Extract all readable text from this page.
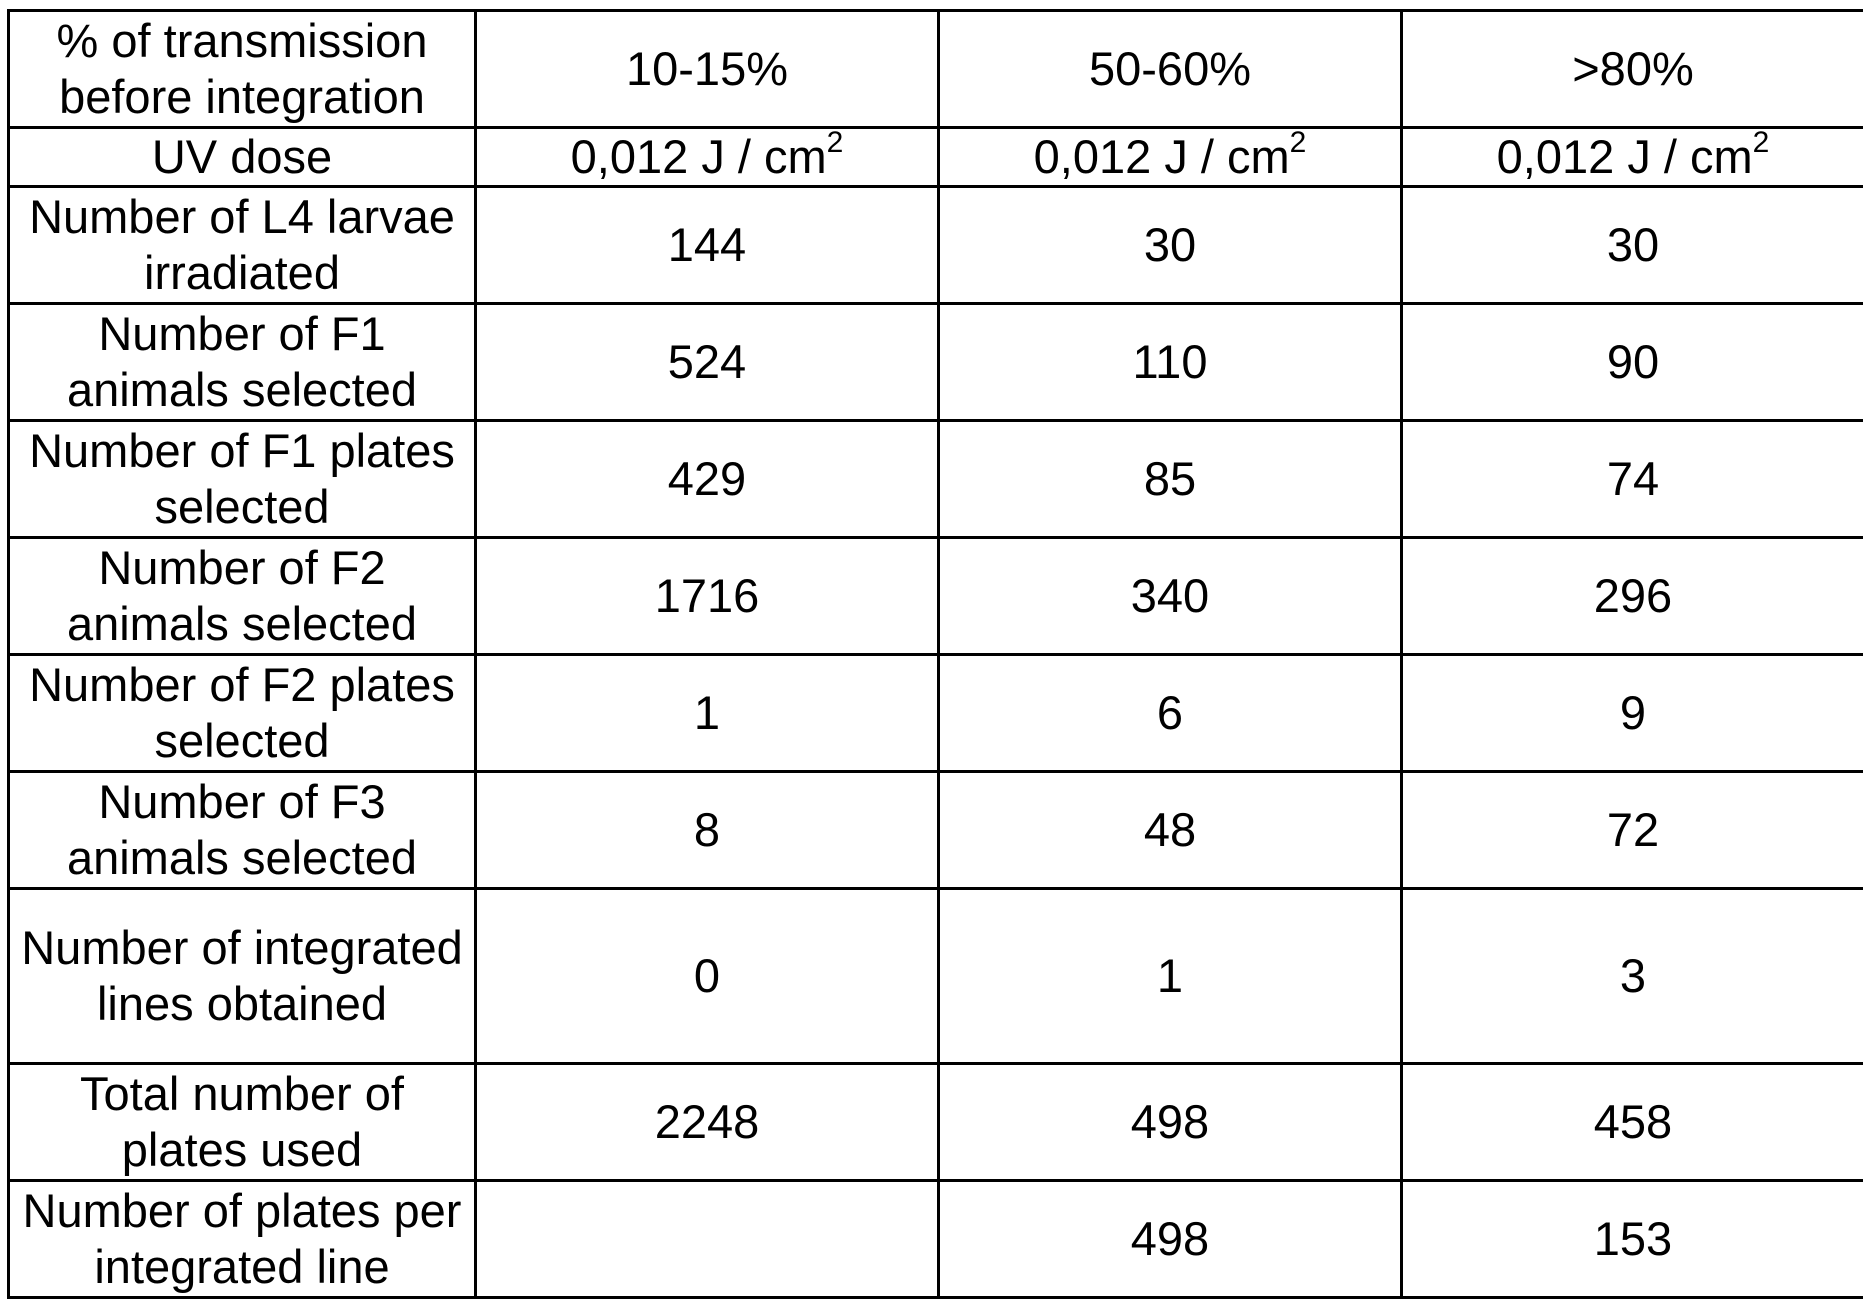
% of transmission before integration	10-15%	50-60%	>80%
UV dose	0,012 J / $cm^2$	0,012 J / $cm^2$	0,012 J / $cm^2$
Number of L4 larvae irradiated	144	30	30
Number of F1 animals selected	524	110	90
Number of F1 plates selected	429	85	74
Number of F2 animals selected	1716	340	296
Number of F2 plates selected	1	6	9
Number of F3 animals selected	8	48	72
Number of integrated lines obtained	0	1	3
Total number of plates used	2248	498	458
Number of plates per integrated line		498	153
